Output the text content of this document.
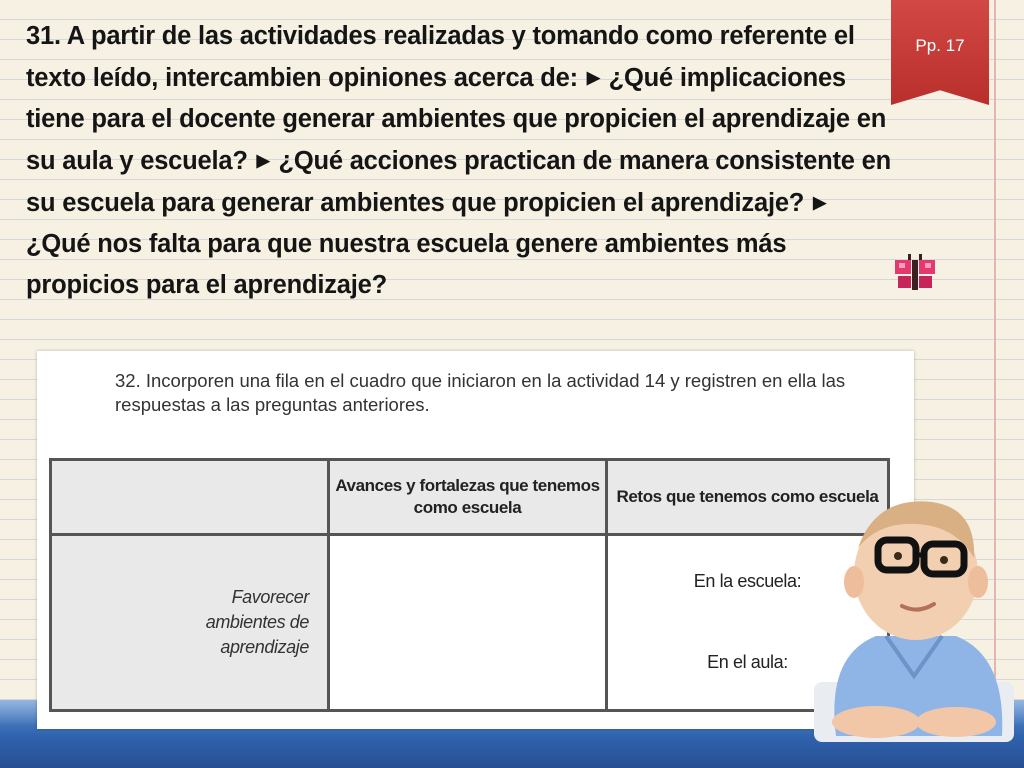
31. A partir de las actividades realizadas y tomando como referente el texto leído, intercambien opiniones acerca de: ▶ ¿Qué implicaciones tiene para el docente generar ambientes que propicien el aprendizaje en su aula y escuela? ▶ ¿Qué acciones practican de manera consistente en su escuela para generar ambientes que propicien el aprendizaje? ▶ ¿Qué nos falta para que nuestra escuela genere ambientes más propicios para el aprendizaje?

Pp. 17

32. Incorporen una fila en el cuadro que iniciaron en la actividad 14 y registren en ella las respuestas a las preguntas anteriores.

	Avances y fortalezas que tenemos como escuela	Retos que tenemos como escuela
Favorecer ambientes de aprendizaje		En la escuela:
En el aula:
